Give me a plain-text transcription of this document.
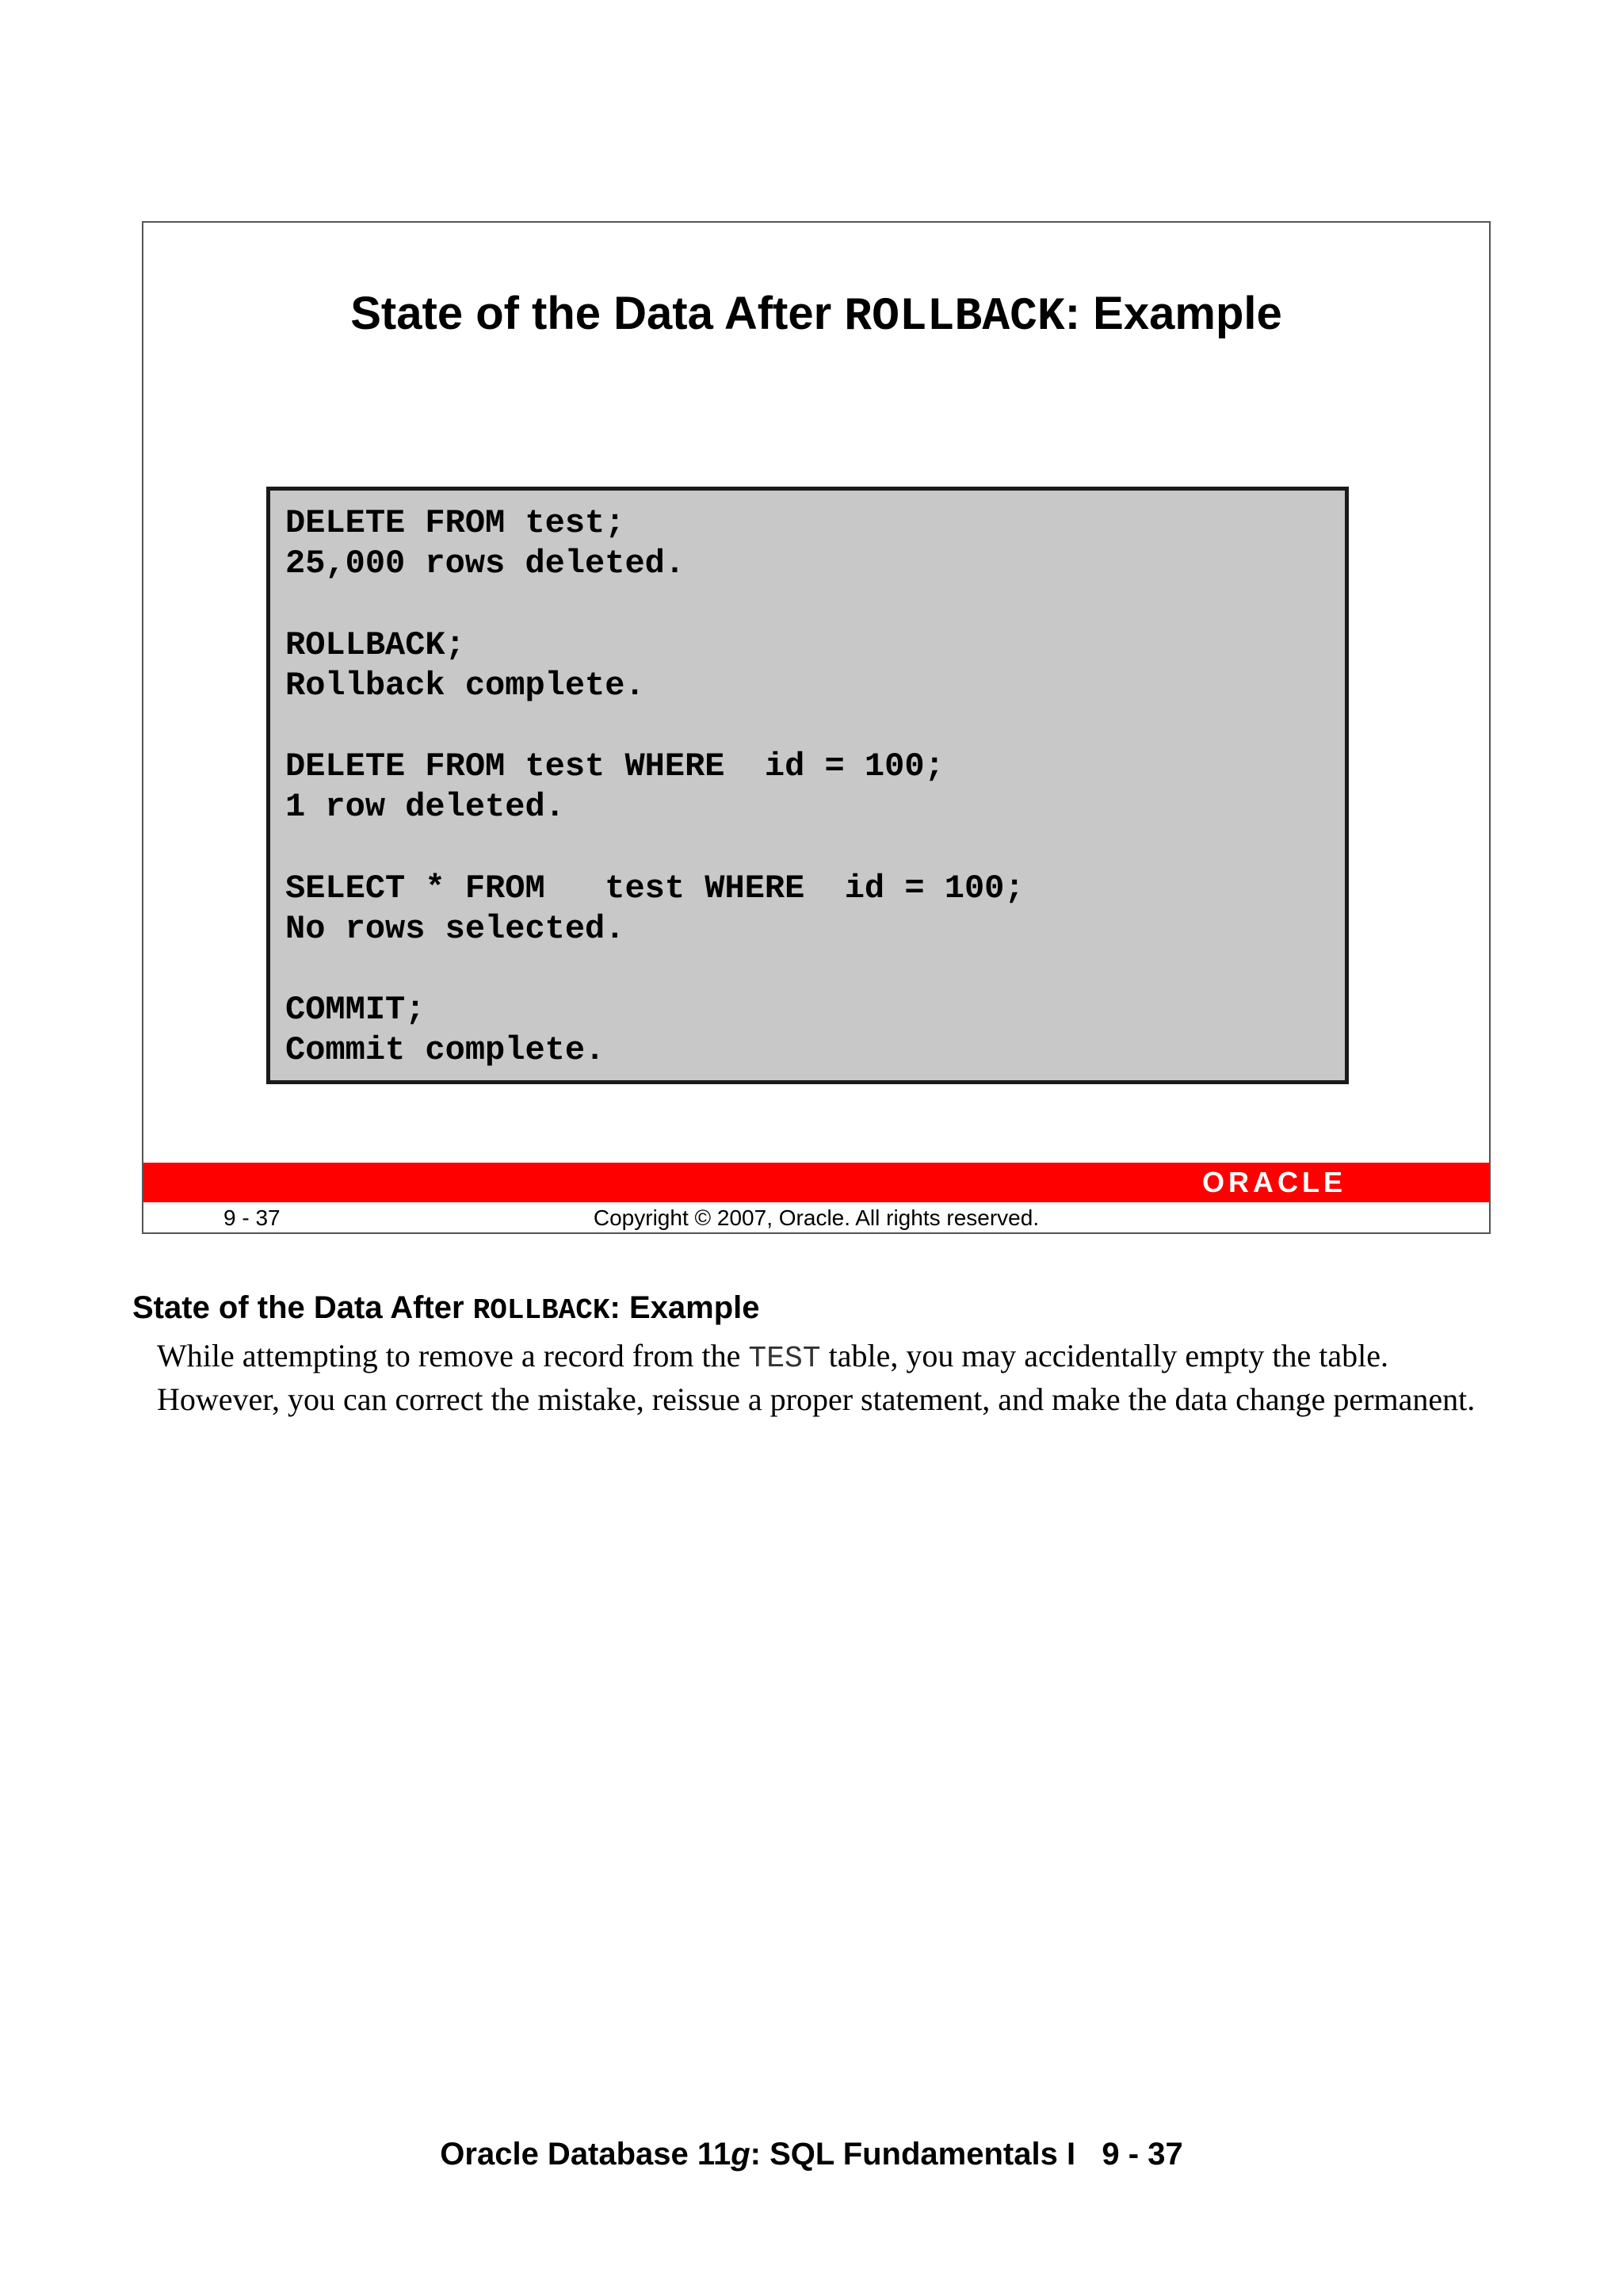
State of the Data After ROLLBACK: Example
DELETE FROM test;
25,000 rows deleted.
ROLLBACK;
Rollback complete.
DELETE FROM test WHERE  id = 100;
1 row deleted.
SELECT * FROM   test WHERE  id = 100;
No rows selected.
COMMIT;
Commit complete.
ORACLE
9 - 37	Copyright © 2007, Oracle. All rights reserved.
State of the Data After ROLLBACK: Example
While attempting to remove a record from the TEST table, you may accidentally empty the table. However, you can correct the mistake, reissue a proper statement, and make the data change permanent.
Oracle Database 11g: SQL Fundamentals I   9 - 37
